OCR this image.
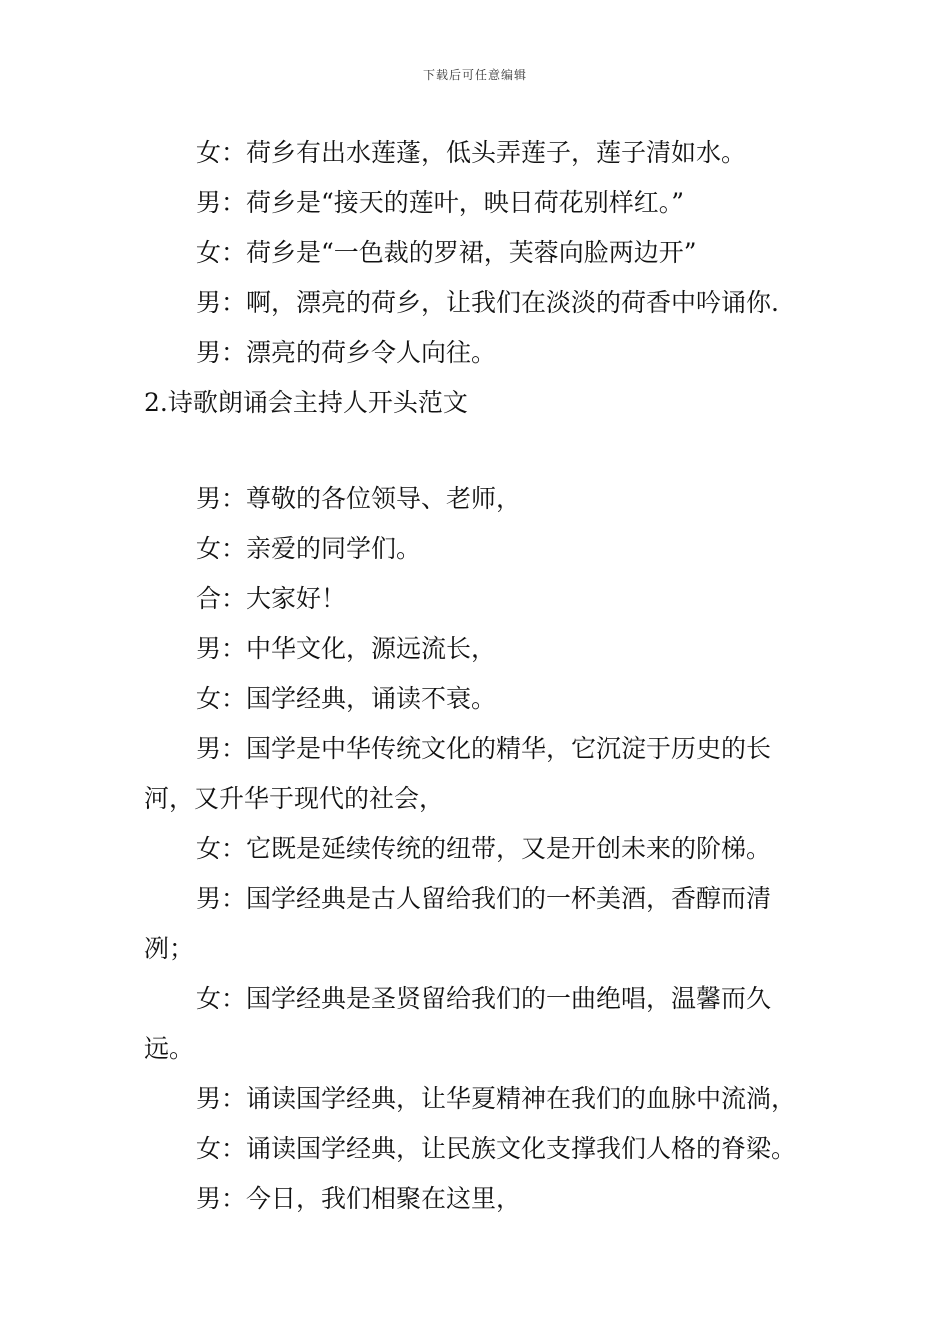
下载后可任意编辑
女：荷乡有出水莲蓬，低头弄莲子，莲子清如水。
男：荷乡是“接天的莲叶，映日荷花别样红。”
女：荷乡是“一色裁的罗裙，芙蓉向脸两边开”
男：啊，漂亮的荷乡，让我们在淡淡的荷香中吟诵你.
男：漂亮的荷乡令人向往。
2.诗歌朗诵会主持人开头范文
男：尊敬的各位领导、老师，
女：亲爱的同学们。
合：大家好！
男：中华文化，源远流长，
女：国学经典，诵读不衰。
男：国学是中华传统文化的精华，它沉淀于历史的长
河，又升华于现代的社会，
女：它既是延续传统的纽带，又是开创未来的阶梯。
男：国学经典是古人留给我们的一杯美酒，香醇而清
冽；
女：国学经典是圣贤留给我们的一曲绝唱，温馨而久
远。
男：诵读国学经典，让华夏精神在我们的血脉中流淌，
女：诵读国学经典，让民族文化支撑我们人格的脊梁。
男：今日，我们相聚在这里，
